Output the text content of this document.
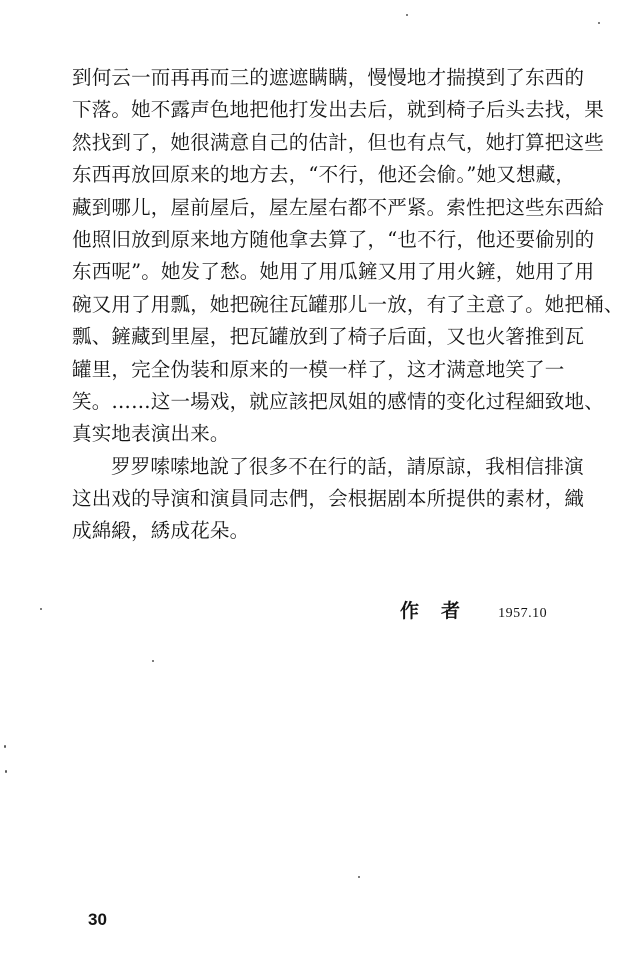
到何云一而再再而三的遮遮瞒瞒，慢慢地才揣摸到了东西的
下落。她不露声色地把他打发出去后，就到椅子后头去找，果
然找到了，她很满意自己的估計，但也有点气，她打算把这些
东西再放回原来的地方去，“不行，他还会偷。”她又想藏，
藏到哪儿，屋前屋后，屋左屋右都不严紧。索性把这些东西給
他照旧放到原来地方随他拿去算了，“也不行，他还要偷别的
东西呢”。她发了愁。她用了用瓜鏟又用了用火鏟，她用了用
碗又用了用瓢，她把碗往瓦罐那儿一放，有了主意了。她把桶、
瓢、鏟藏到里屋，把瓦罐放到了椅子后面，又也火箸推到瓦
罐里，完全伪装和原来的一模一样了，这才满意地笑了一
笑。……这一場戏，就应該把凤姐的感情的变化过程細致地、
真实地表演出来。
罗罗嗦嗦地說了很多不在行的話，請原諒，我相信排演
这出戏的导演和演員同志們，会根据剧本所提供的素材，織
成綿緞，綉成花朵。
作者 1957.10
30
